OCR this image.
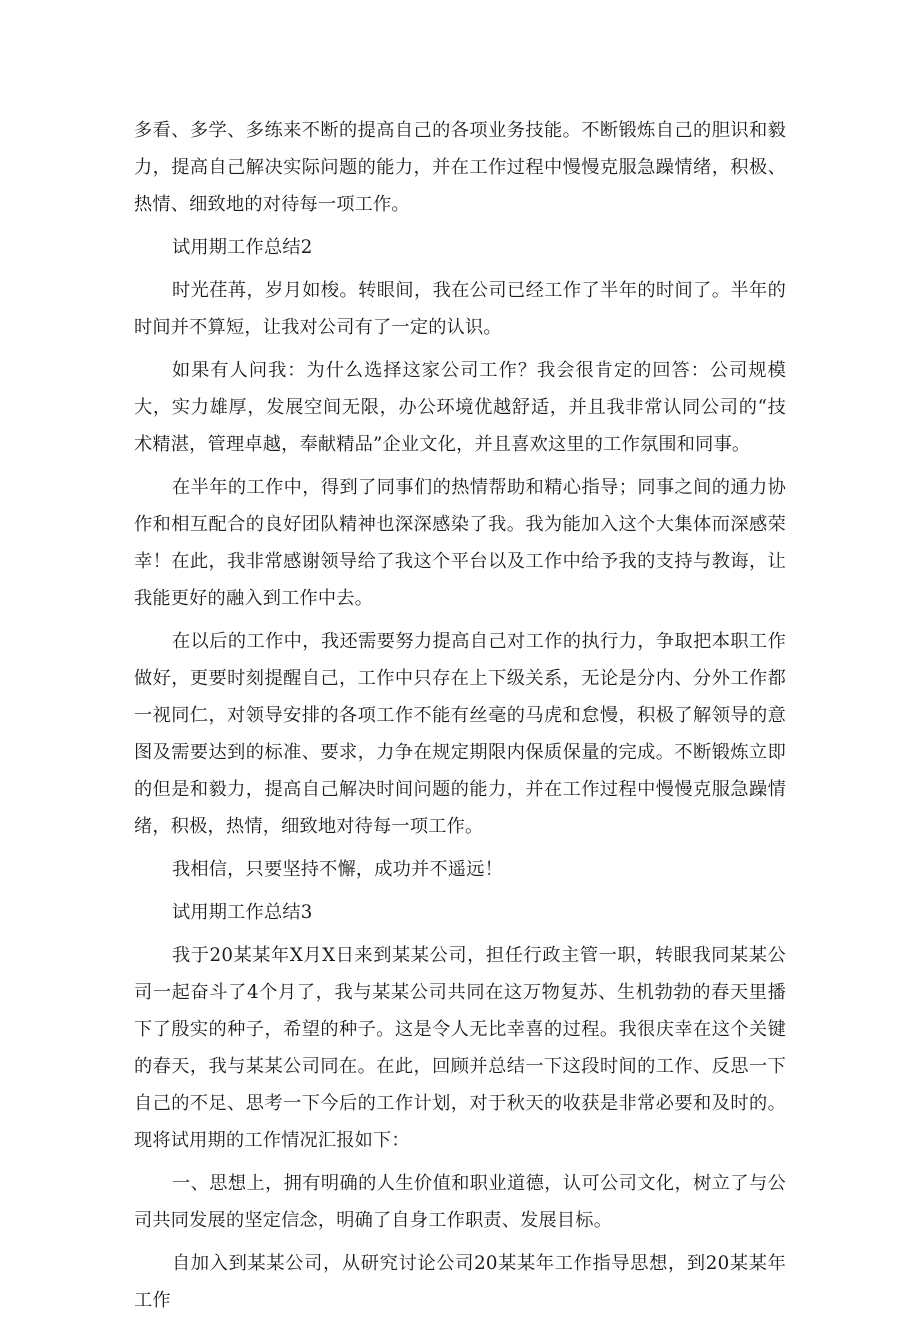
多看、多学、多练来不断的提高自己的各项业务技能。不断锻炼自己的胆识和毅力，提高自己解决实际问题的能力，并在工作过程中慢慢克服急躁情绪，积极、热情、细致地的对待每一项工作。

试用期工作总结2

时光荏苒，岁月如梭。转眼间，我在公司已经工作了半年的时间了。半年的时间并不算短，让我对公司有了一定的认识。

如果有人问我：为什么选择这家公司工作？我会很肯定的回答：公司规模大，实力雄厚，发展空间无限，办公环境优越舒适，并且我非常认同公司的“技术精湛，管理卓越，奉献精品”企业文化，并且喜欢这里的工作氛围和同事。

在半年的工作中，得到了同事们的热情帮助和精心指导；同事之间的通力协作和相互配合的良好团队精神也深深感染了我。我为能加入这个大集体而深感荣幸！在此，我非常感谢领导给了我这个平台以及工作中给予我的支持与教诲，让我能更好的融入到工作中去。

在以后的工作中，我还需要努力提高自己对工作的执行力，争取把本职工作做好，更要时刻提醒自己，工作中只存在上下级关系，无论是分内、分外工作都一视同仁，对领导安排的各项工作不能有丝毫的马虎和怠慢，积极了解领导的意图及需要达到的标准、要求，力争在规定期限内保质保量的完成。不断锻炼立即的但是和毅力，提高自己解决时间问题的能力，并在工作过程中慢慢克服急躁情绪，积极，热情，细致地对待每一项工作。

我相信，只要坚持不懈，成功并不遥远！

试用期工作总结3

我于20某某年X月X日来到某某公司，担任行政主管一职，转眼我同某某公司一起奋斗了4个月了，我与某某公司共同在这万物复苏、生机勃勃的春天里播下了殷实的种子，希望的种子。这是令人无比幸喜的过程。我很庆幸在这个关键的春天，我与某某公司同在。在此，回顾并总结一下这段时间的工作、反思一下自己的不足、思考一下今后的工作计划，对于秋天的收获是非常必要和及时的。现将试用期的工作情况汇报如下：

一、思想上，拥有明确的人生价值和职业道德，认可公司文化，树立了与公司共同发展的坚定信念，明确了自身工作职责、发展目标。

自加入到某某公司，从研究讨论公司20某某年工作指导思想，到20某某年工作
